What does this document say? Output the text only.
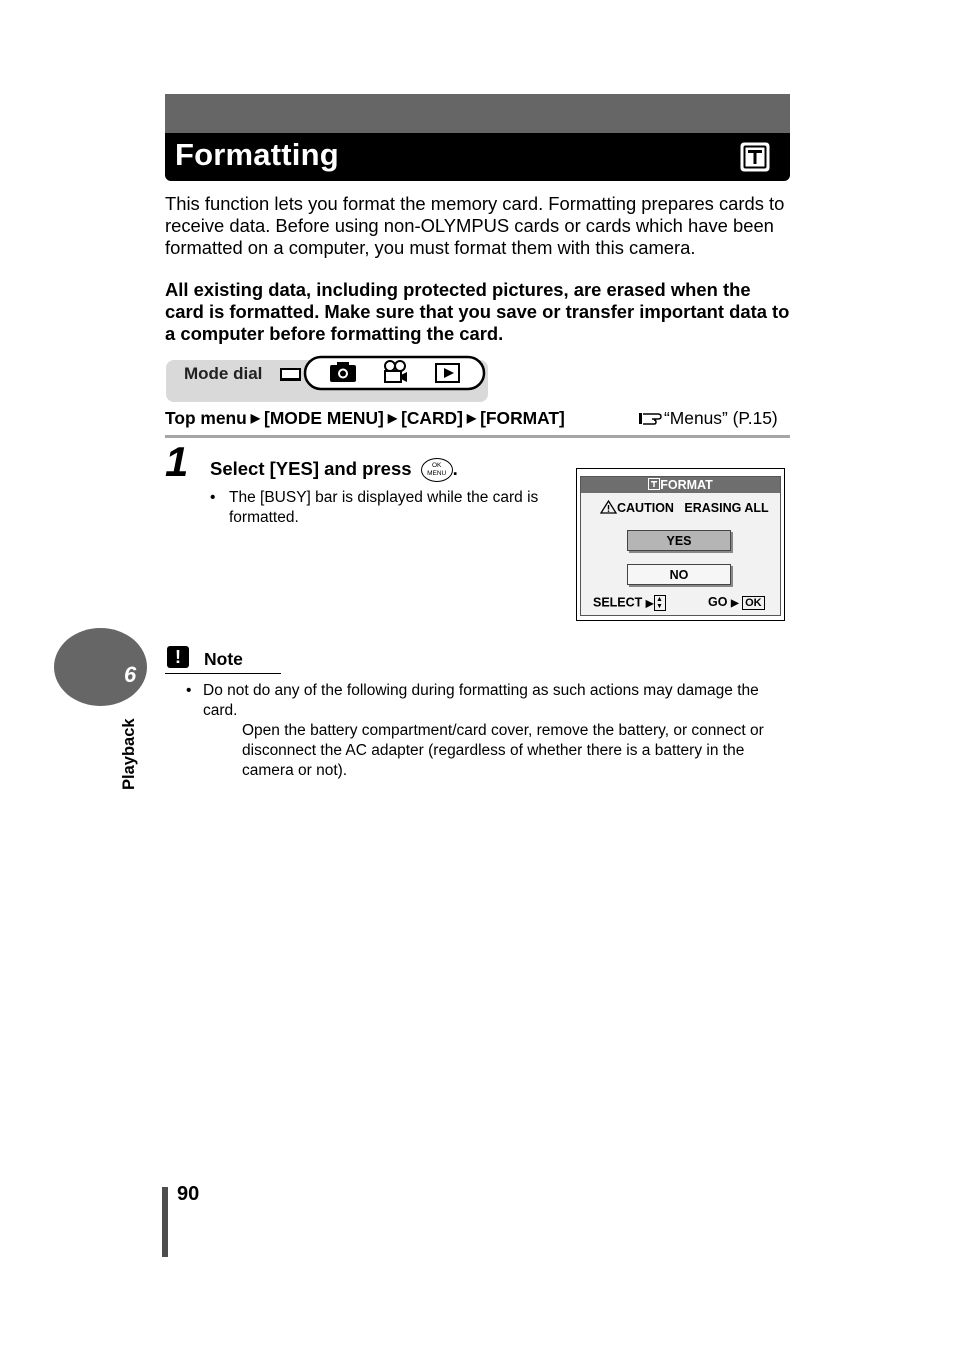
Formatting
This function lets you format the memory card. Formatting prepares cards to receive data. Before using non-OLYMPUS cards or cards which have been formatted on a computer, you must format them with this camera.
All existing data, including protected pictures, are erased when the card is formatted. Make sure that you save or transfer important data to a computer before formatting the card.
Mode dial
Top menu ▶ [MODE MENU] ▶ [CARD] ▶ [FORMAT]	“Menus” (P.15)
1 Select [YES] and press	OK
MENU .
• The [BUSY] bar is displayed while the card is formatted.
FORMAT
CAUTION ERASING ALL
YES
NO
SELECT ▶ ▲
▼	GO ▶ OK
6
Playback
!	Note
• Do not do any of the following during formatting as such actions may damage the card.
Open the battery compartment/card cover, remove the battery, or connect or disconnect the AC adapter (regardless of whether there is a battery in the camera or not).
90
